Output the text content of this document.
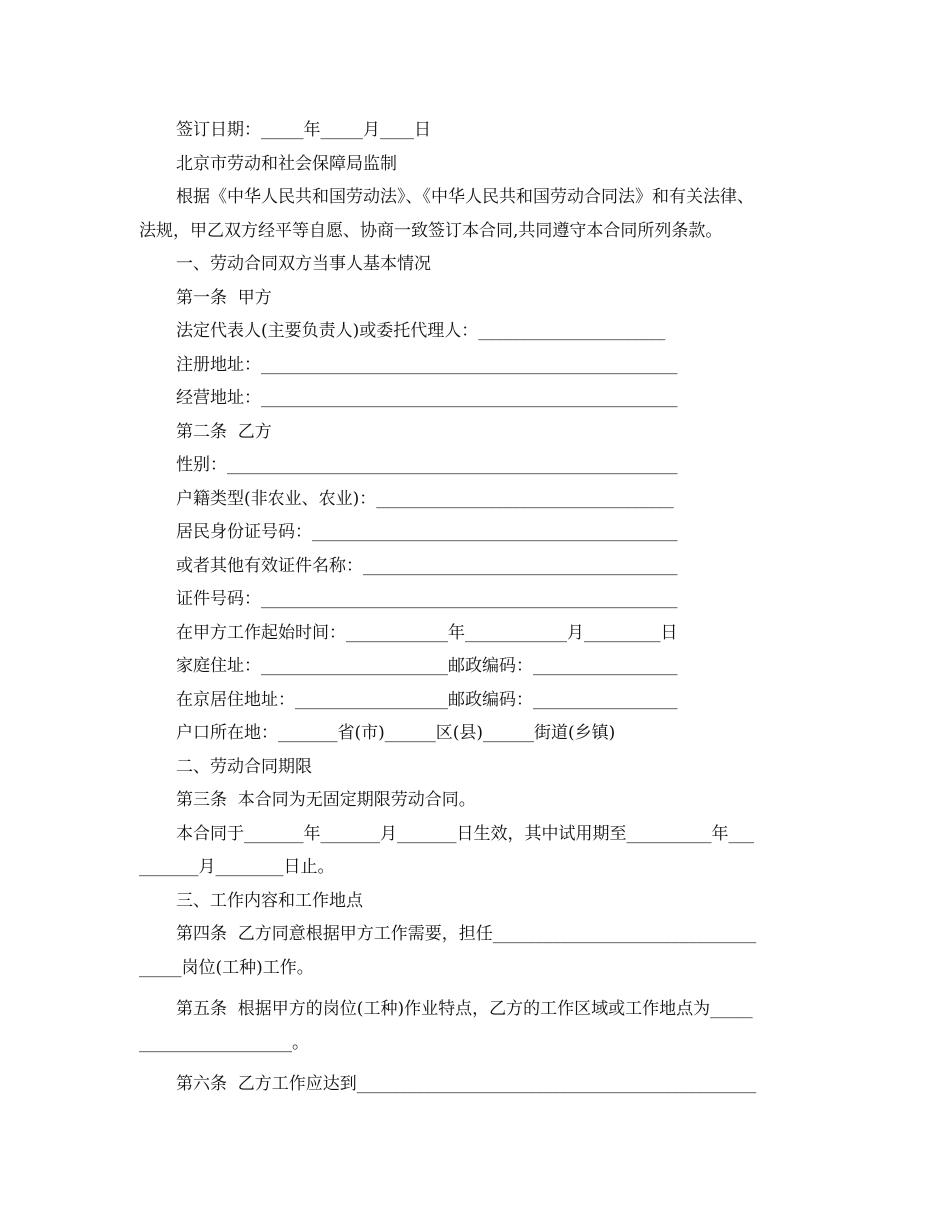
签订日期：_____年_____月____日
北京市劳动和社会保障局监制
根据《中华人民共和国劳动法》、《中华人民共和国劳动合同法》和有关法律、
法规，甲乙双方经平等自愿、协商一致签订本合同,共同遵守本合同所列条款。
一、劳动合同双方当事人基本情况
第一条  甲方
法定代表人(主要负责人)或委托代理人：______________________
注册地址：_________________________________________________
经营地址：_________________________________________________
第二条  乙方
性别：_____________________________________________________
户籍类型(非农业、农业)：___________________________________
居民身份证号码：___________________________________________
或者其他有效证件名称：_____________________________________
证件号码：_________________________________________________
在甲方工作起始时间：____________年____________月_________日
家庭住址：______________________邮政编码：_________________
在京居住地址：__________________邮政编码：_________________
户口所在地：_______省(市)______区(县)______街道(乡镇)
二、劳动合同期限
第三条  本合同为无固定期限劳动合同。
本合同于_______年_______月_______日生效，其中试用期至__________年___
_______月________日止。
三、工作内容和工作地点
第四条  乙方同意根据甲方工作需要，担任_______________________________
_____岗位(工种)工作。
第五条  根据甲方的岗位(工种)作业特点，乙方的工作区域或工作地点为_____
__________________。
第六条  乙方工作应达到_______________________________________________
